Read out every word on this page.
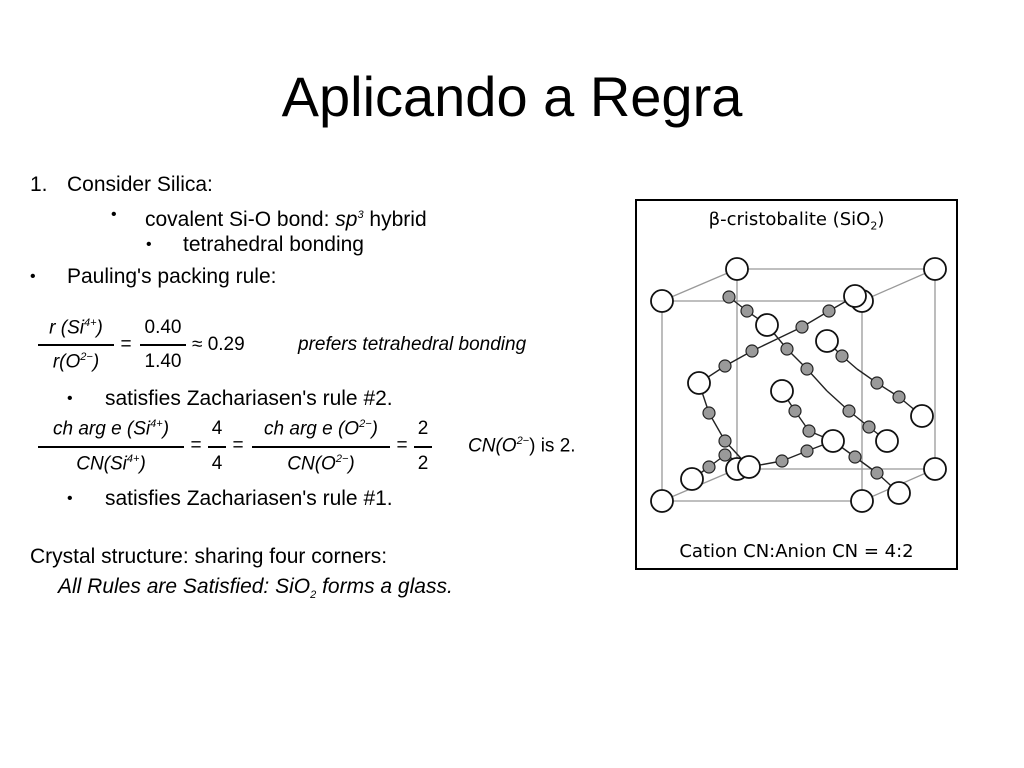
Aplicando a Regra
1. Consider Silica:
• covalent Si-O bond: $sp^3$ hybrid
• tetrahedral bonding
• Pauling's packing rule:
r $(Si^{4+})$
$r(O^{2-})$
=
0.40
1.40
≈ 0.29	prefers tetrahedral bonding
• satisfies Zachariasen's rule #2.
ch arg e $(Si^{4+})$
$CN(Si^{4+})$
=
4
4
=
ch arg e $(O^{2-})$
$CN(O^{2-})$
=
2
2
$CN(O^{2-})$ is 2.
• satisfies Zachariasen's rule #1.
Crystal structure: sharing four corners:
All Rules are Satisfied: SiO$_2$ forms a glass.
β-cristobalite (SiO$_2$)
Cation CN:Anion CN = 4:2
